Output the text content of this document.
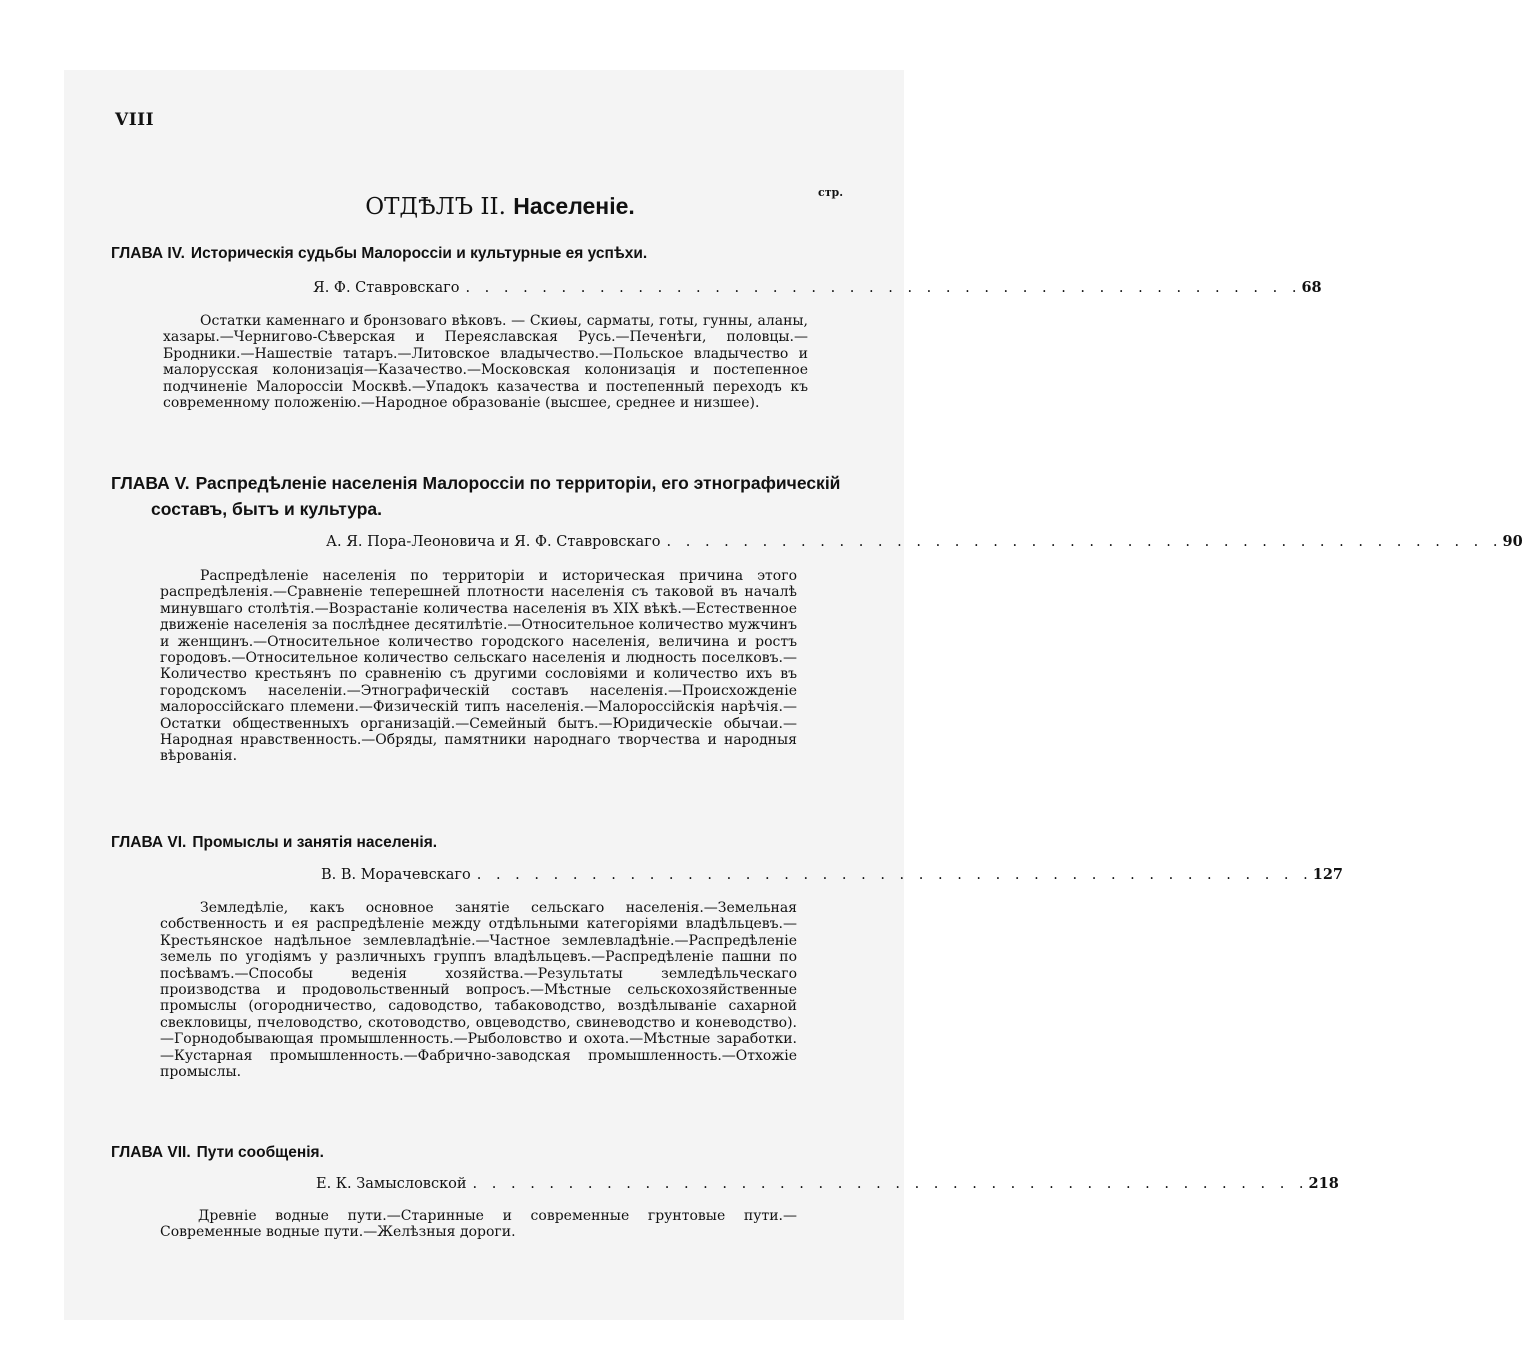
VIII
стр.
ОТДѢЛЪ II. Населеніе.
ГЛАВА IV. Историческія судьбы Малороссіи и культурные ея успѣхи.
Я. Ф. Ставровскаго . . . . . . . . . . . . . . . . . . . . . . . . . . . . . . . . . . . . . . . . . . . . 68
Остатки каменнаго и бронзоваго вѣковъ. — Скиѳы, сарматы, готы, гунны, аланы, хазары.—Черниговo-Сѣверская и Переяславская Русь.—Печенѣги, половцы.—Бродники.—Нашествіе татаръ.—Литовское владычество.—Польское владычество и малорусская колонизація—Казачество.—Московская колонизація и постепенное подчиненіе Малороссіи Москвѣ.—Упадокъ казачества и постепенный переходъ къ современному положенію.—Народное образованіе (высшее, среднее и низшее).
ГЛАВА V. Распредѣленіе населенія Малороссіи по территоріи, его этнографическій составъ, бытъ и культура.
А. Я. Пора-Леоновича и Я. Ф. Ставровскаго . . . . . . . . . . . . . . . . . . . . . . . . . . . . . . . . . . . . . . . . . . . . 90
Распредѣленіе населенія по территоріи и историческая причина этого распредѣленія.—Сравненіе теперешней плотности населенія съ таковой въ началѣ минувшаго столѣтія.—Возрастаніе количества населенія въ XIX вѣкѣ.—Естественное движеніе населенія за послѣднее десятилѣтіе.—Относительное количество мужчинъ и женщинъ.—Относительное количество городского населенія, величина и ростъ городовъ.—Относительное количество сельскаго населенія и людность поселковъ.—Количество крестьянъ по сравненію съ другими сословіями и количество ихъ въ городскомъ населеніи.—Этнографическій составъ населенія.—Происхожденіе малороссійскаго племени.—Физическій типъ населенія.—Малороссійскія нарѣчія.—Остатки общественныхъ организацій.—Семейный бытъ.—Юридическіе обычаи.—Народная нравственность.—Обряды, памятники народнаго творчества и народныя вѣрованія.
ГЛАВА VI. Промыслы и занятія населенія.
В. В. Морачевскаго . . . . . . . . . . . . . . . . . . . . . . . . . . . . . . . . . . . . . . . . . . . . 127
Земледѣліе, какъ основное занятіе сельскаго населенія.—Земельная собственность и ея распредѣленіе между отдѣльными категоріями владѣльцевъ.—Крестьянское надѣльное землевладѣніе.—Частное землевладѣніе.—Распредѣленіе земель по угодіямъ у различныхъ группъ владѣльцевъ.—Распредѣленіе пашни по посѣвамъ.—Способы веденія хозяйства.—Результаты земледѣльческаго производства и продовольственный вопросъ.—Мѣстные сельскохозяйственные промыслы (огородничество, садоводство, табаководство, воздѣлываніе сахарной свекловицы, пчеловодство, скотоводство, овцеводство, свиневодство и коневодство).—Горнодобывающая промышленность.—Рыболовство и охота.—Мѣстные заработки.—Кустарная промышленность.—Фабрично-заводская промышленность.—Отхожіе промыслы.
ГЛАВА VII. Пути сообщенія.
Е. К. Замысловской . . . . . . . . . . . . . . . . . . . . . . . . . . . . . . . . . . . . . . . . . . . . 218
Древніе водные пути.—Старинные и современные грунтовые пути.—Современные водные пути.—Желѣзныя дороги.
